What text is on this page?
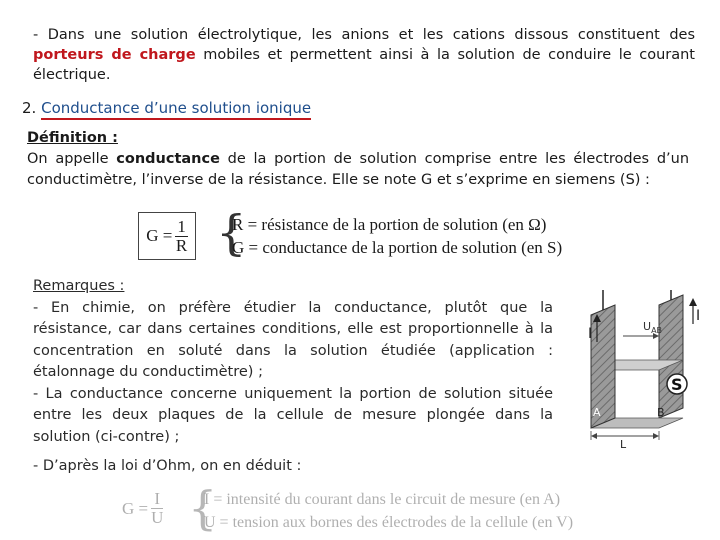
- Dans une solution électrolytique, les anions et les cations dissous constituent des porteurs de charge mobiles et permettent ainsi à la solution de conduire le courant électrique.
2. Conductance d’une solution ionique
Définition :
On appelle conductance de la portion de solution comprise entre les électrodes d’un conductimètre, l’inverse de la résistance. Elle se note G et s’exprime en siemens (S) :
$G = \frac{1}{R}$ {
R = résistance de la portion de solution (en Ω)
G = conductance de la portion de solution (en S)
Remarques :
- En chimie, on préfère étudier la conductance, plutôt que la résistance, car dans certaines conditions, elle est proportionnelle à la concentration en soluté dans la solution étudiée (application : étalonnage du conductimètre) ;
- La conductance concerne uniquement la portion de solution située entre les deux plaques de la cellule de mesure plongée dans la solution (ci-contre) ;
- D’après la loi d’Ohm, on en déduit :
I
I
$U_{AB}$
S
A	B
L
$G = \frac{I}{U}$ {
I = intensité du courant dans le circuit de mesure (en A)
U = tension aux bornes des électrodes de la cellule (en V)
